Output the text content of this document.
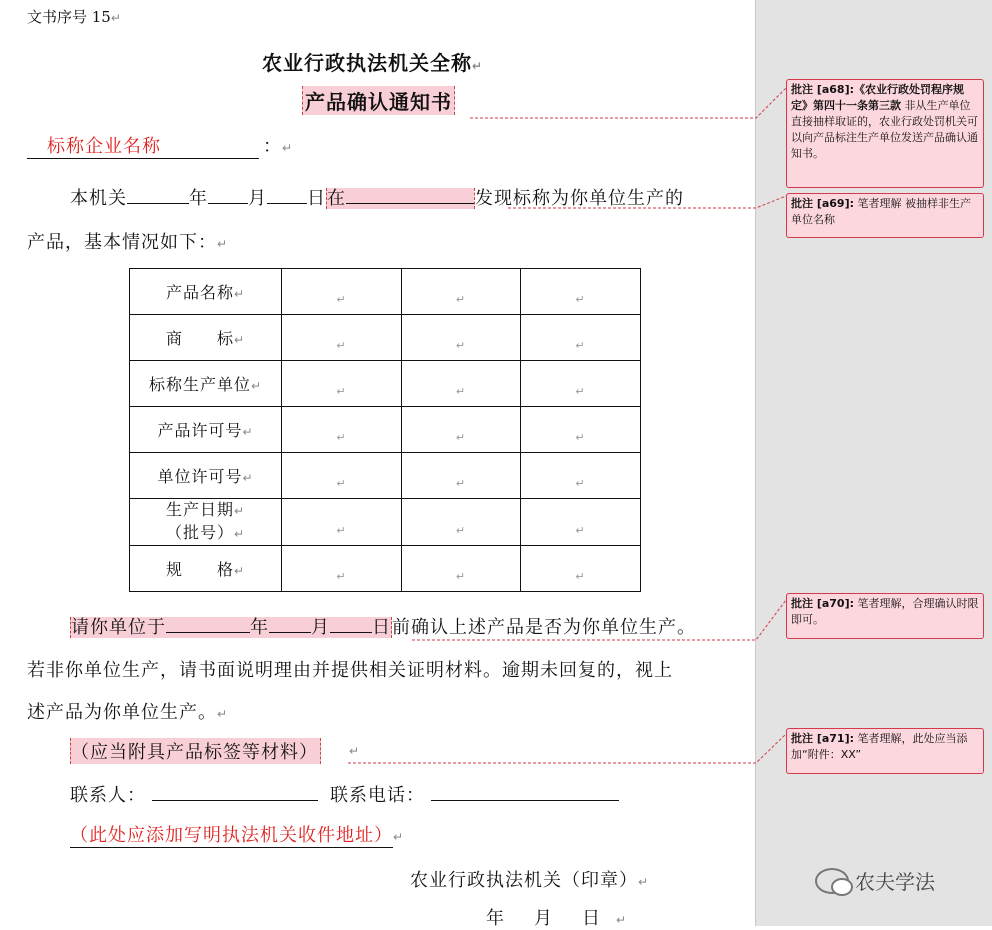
文书序号 15↵
农业行政执法机关全称↵
产品确认通知书
标称企业名称	：↵
本机关	年 月 日在	发现标称为你单位生产的
产品，基本情况如下：↵
产品名称↵	$_↵$	$_↵$	$_↵$
商　　标↵	$_↵$	$_↵$	$_↵$
标称生产单位↵	$_↵$	$_↵$	$_↵$
产品许可号↵	$_↵$	$_↵$	$_↵$
单位许可号↵	$_↵$	$_↵$	$_↵$
生产日期↵
（批号）↵	$_↵$	$_↵$	$_↵$
规　　格↵	$_↵$	$_↵$	$_↵$
请你单位于	年 月 日前确认上述产品是否为你单位生产。
若非你单位生产，请书面说明理由并提供相关证明材料。逾期未回复的，视上
述产品为你单位生产。↵
（应当附具产品标签等材料）	↵
联系人：	联系电话：
（此处应添加写明执法机关收件地址）↵
农业行政执法机关（印章）↵
年　月　日 ↵
批注 [a68]:《农业行政处罚程序规定》第四十一条第三款 非从生产单位直接抽样取证的，农业行政处罚机关可以向产品标注生产单位发送产品确认通知书。
批注 [a69]: 笔者理解 被抽样非生产单位名称
批注 [a70]: 笔者理解，合理确认时限即可。
批注 [a71]: 笔者理解，此处应当添加“附件：XX”
农夫学法
